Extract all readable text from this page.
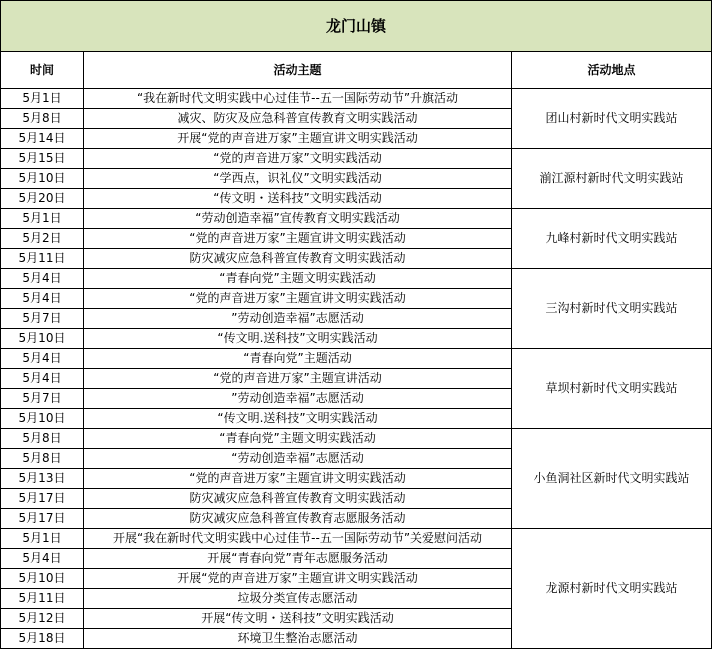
龙门山镇		
时间	活动主题	活动地点
5月1日	“我在新时代文明实践中心过佳节--五一国际劳动节”升旗活动	团山村新时代文明实践站
5月8日	减灾、防灾及应急科普宣传教育文明实践活动	
5月14日	开展“党的声音进万家”主题宣讲文明实践活动	
5月15日	“党的声音进万家”文明实践活动	湔江源村新时代文明实践站
5月10日	“学西点，识礼仪”文明实践活动	
5月20日	“传文明・送科技”文明实践活动	
5月1日	“劳动创造幸福”宣传教育文明实践活动	九峰村新时代文明实践站
5月2日	“党的声音进万家”主题宣讲文明实践活动	
5月11日	防灾减灾应急科普宣传教育文明实践活动	
5月4日	“青春向党”主题文明实践活动	三沟村新时代文明实践站
5月4日	“党的声音进万家”主题宣讲文明实践活动	
5月7日	”劳动创造幸福”志愿活动	
5月10日	“传文明.送科技”文明实践活动	
5月4日	“青春向党”主题活动	草坝村新时代文明实践站
5月4日	“党的声音进万家”主题宣讲活动	
5月7日	”劳动创造幸福”志愿活动	
5月10日	“传文明.送科技”文明实践活动	
5月8日	“青春向党”主题文明实践活动	小鱼洞社区新时代文明实践站
5月8日	“劳动创造幸福”志愿活动	
5月13日	“党的声音进万家”主题宣讲文明实践活动	
5月17日	防灾减灾应急科普宣传教育文明实践活动	
5月17日	防灾减灾应急科普宣传教育志愿服务活动	
5月1日	开展“我在新时代文明实践中心过佳节--五一国际劳动节”关爱慰问活动	龙源村新时代文明实践站
5月4日	开展“青春向党”青年志愿服务活动	
5月10日	开展“党的声音进万家”主题宣讲文明实践活动	
5月11日	垃圾分类宣传志愿活动	
5月12日	开展“传文明・送科技”文明实践活动	
5月18日	环境卫生整治志愿活动	
